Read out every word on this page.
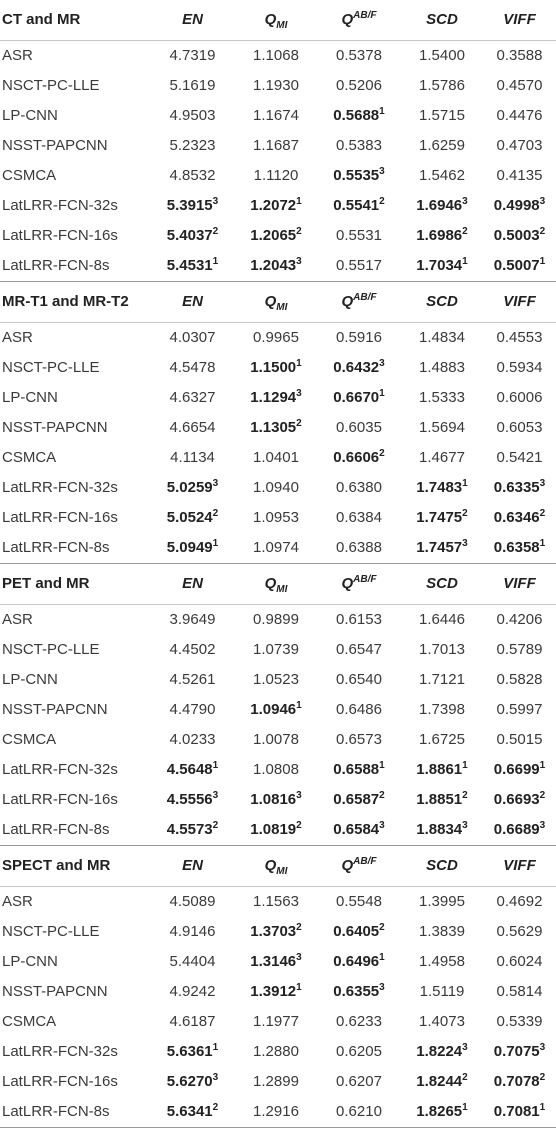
CT and MR	EN	$Q_{MI}$	$Q^{AB/F}$	SCD	VIFF
ASR	4.7319	1.1068	0.5378	1.5400	0.3588
NSCT-PC-LLE	5.1619	1.1930	0.5206	1.5786	0.4570
LP-CNN	4.9503	1.1674	0.5688$^1$	1.5715	0.4476
NSST-PAPCNN	5.2323	1.1687	0.5383	1.6259	0.4703
CSMCA	4.8532	1.1120	0.5535$^3$	1.5462	0.4135
LatLRR-FCN-32s	5.3915$^3$	1.2072$^1$	0.5541$^2$	1.6946$^3$	0.4998$^3$
LatLRR-FCN-16s	5.4037$^2$	1.2065$^2$	0.5531	1.6986$^2$	0.5003$^2$
LatLRR-FCN-8s	5.4531$^1$	1.2043$^3$	0.5517	1.7034$^1$	0.5007$^1$
MR-T1 and MR-T2	EN	$Q_{MI}$	$Q^{AB/F}$	SCD	VIFF
ASR	4.0307	0.9965	0.5916	1.4834	0.4553
NSCT-PC-LLE	4.5478	1.1500$^1$	0.6432$^3$	1.4883	0.5934
LP-CNN	4.6327	1.1294$^3$	0.6670$^1$	1.5333	0.6006
NSST-PAPCNN	4.6654	1.1305$^2$	0.6035	1.5694	0.6053
CSMCA	4.1134	1.0401	0.6606$^2$	1.4677	0.5421
LatLRR-FCN-32s	5.0259$^3$	1.0940	0.6380	1.7483$^1$	0.6335$^3$
LatLRR-FCN-16s	5.0524$^2$	1.0953	0.6384	1.7475$^2$	0.6346$^2$
LatLRR-FCN-8s	5.0949$^1$	1.0974	0.6388	1.7457$^3$	0.6358$^1$
PET and MR	EN	$Q_{MI}$	$Q^{AB/F}$	SCD	VIFF
ASR	3.9649	0.9899	0.6153	1.6446	0.4206
NSCT-PC-LLE	4.4502	1.0739	0.6547	1.7013	0.5789
LP-CNN	4.5261	1.0523	0.6540	1.7121	0.5828
NSST-PAPCNN	4.4790	1.0946$^1$	0.6486	1.7398	0.5997
CSMCA	4.0233	1.0078	0.6573	1.6725	0.5015
LatLRR-FCN-32s	4.5648$^1$	1.0808	0.6588$^1$	1.8861$^1$	0.6699$^1$
LatLRR-FCN-16s	4.5556$^3$	1.0816$^3$	0.6587$^2$	1.8851$^2$	0.6693$^2$
LatLRR-FCN-8s	4.5573$^2$	1.0819$^2$	0.6584$^3$	1.8834$^3$	0.6689$^3$
SPECT and MR	EN	$Q_{MI}$	$Q^{AB/F}$	SCD	VIFF
ASR	4.5089	1.1563	0.5548	1.3995	0.4692
NSCT-PC-LLE	4.9146	1.3703$^2$	0.6405$^2$	1.3839	0.5629
LP-CNN	5.4404	1.3146$^3$	0.6496$^1$	1.4958	0.6024
NSST-PAPCNN	4.9242	1.3912$^1$	0.6355$^3$	1.5119	0.5814
CSMCA	4.6187	1.1977	0.6233	1.4073	0.5339
LatLRR-FCN-32s	5.6361$^1$	1.2880	0.6205	1.8224$^3$	0.7075$^3$
LatLRR-FCN-16s	5.6270$^3$	1.2899	0.6207	1.8244$^2$	0.7078$^2$
LatLRR-FCN-8s	5.6341$^2$	1.2916	0.6210	1.8265$^1$	0.7081$^1$
